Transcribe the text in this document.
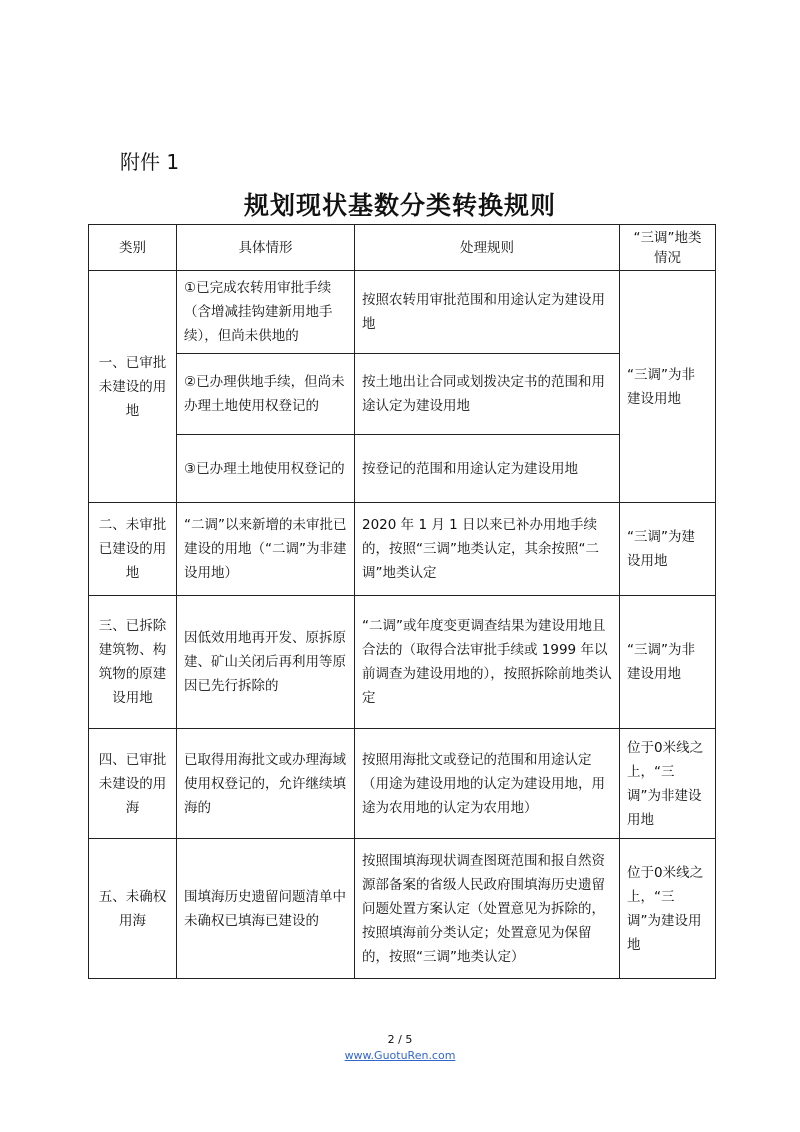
附件 1
规划现状基数分类转换规则
类别	具体情形	处理规则	“三调”地类情况
一、已审批未建设的用地	①已完成农转用审批手续（含增减挂钩建新用地手续），但尚未供地的	按照农转用审批范围和用途认定为建设用地	“三调”为非建设用地
	②已办理供地手续，但尚未办理土地使用权登记的	按土地出让合同或划拨决定书的范围和用途认定为建设用地	
	③已办理土地使用权登记的	按登记的范围和用途认定为建设用地	
二、未审批已建设的用地	“二调”以来新增的未审批已建设的用地（“二调”为非建设用地）	2020 年 1 月 1 日以来已补办用地手续的，按照“三调”地类认定，其余按照“二调”地类认定	“三调”为建设用地
三、已拆除建筑物、构筑物的原建设用地	因低效用地再开发、原拆原建、矿山关闭后再利用等原因已先行拆除的	“二调”或年度变更调查结果为建设用地且合法的（取得合法审批手续或 1999 年以前调查为建设用地的），按照拆除前地类认定	“三调”为非建设用地
四、已审批未建设的用海	已取得用海批文或办理海域使用权登记的，允许继续填海的	按照用海批文或登记的范围和用途认定（用途为建设用地的认定为建设用地，用途为农用地的认定为农用地）	位于0米线之上，“三调”为非建设用地
五、未确权用海	围填海历史遗留问题清单中未确权已填海已建设的	按照围填海现状调查图斑范围和报自然资源部备案的省级人民政府围填海历史遗留问题处置方案认定（处置意见为拆除的，按照填海前分类认定；处置意见为保留的，按照“三调”地类认定）	位于0米线之上，“三调”为建设用地
2 / 5
www.GuotuRen.com
